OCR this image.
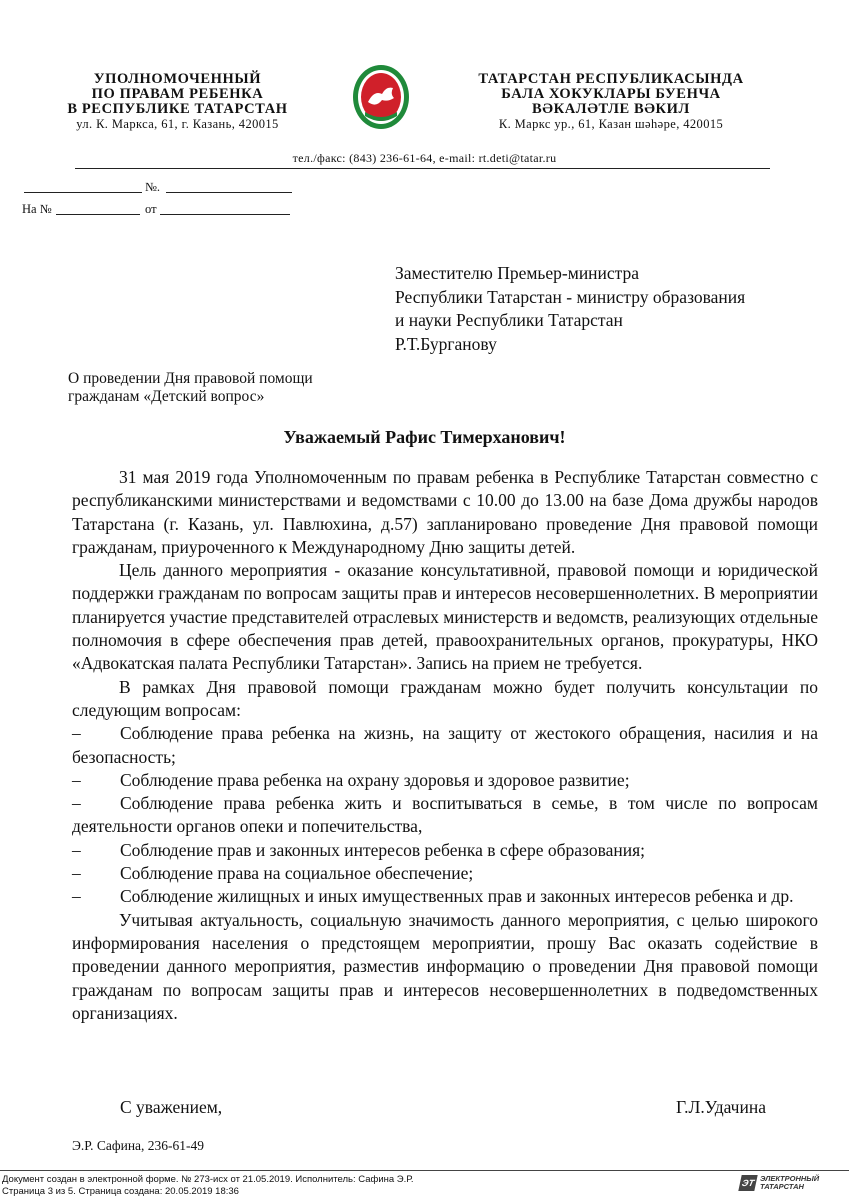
УПОЛНОМОЧЕННЫЙ
ПО ПРАВАМ РЕБЕНКА
В РЕСПУБЛИКЕ ТАТАРСТАН
ул. К. Маркса, 61, г. Казань, 420015
ТАТАРСТАН РЕСПУБЛИКАСЫНДА
БАЛА ХОКУКЛАРЫ БУЕНЧА
ВӘКАЛӘТЛЕ ВӘКИЛ
К. Маркс ур., 61, Казан шәһәре, 420015
тел./факс: (843) 236-61-64, e-mail: rt.deti@tatar.ru
№.
На №	от
Заместителю Премьер-министра
Республики Татарстан - министру образования
и науки Республики Татарстан
Р.Т.Бурганову
О проведении Дня правовой помощи
гражданам «Детский вопрос»
Уважаемый Рафис Тимерханович!

31 мая 2019 года Уполномоченным по правам ребенка в Республике Татарстан совместно с республиканскими министерствами и ведомствами с 10.00 до 13.00 на базе Дома дружбы народов Татарстана (г. Казань, ул. Павлюхина, д.57) запланировано проведение Дня правовой помощи гражданам, приуроченного к Международному Дню защиты детей.

Цель данного мероприятия - оказание консультативной, правовой помощи и юридической поддержки гражданам по вопросам защиты прав и интересов несовершеннолетних. В мероприятии планируется участие представителей отраслевых министерств и ведомств, реализующих отдельные полномочия в сфере обеспечения прав детей, правоохранительных органов, прокуратуры, НКО «Адвокатская палата Республики Татарстан». Запись на прием не требуется.

В рамках Дня правовой помощи гражданам можно будет получить консультации по следующим вопросам:

– Соблюдение права ребенка на жизнь, на защиту от жестокого обращения, насилия и на безопасность;

– Соблюдение права ребенка на охрану здоровья и здоровое развитие;

– Соблюдение права ребенка жить и воспитываться в семье, в том числе по вопросам деятельности органов опеки и попечительства,

– Соблюдение прав и законных интересов ребенка в сфере образования;

– Соблюдение права на социальное обеспечение;

– Соблюдение жилищных и иных имущественных прав и законных интересов ребенка и др.

Учитывая актуальность, социальную значимость данного мероприятия, с целью широкого информирования населения о предстоящем мероприятии, прошу Вас оказать содействие в проведении данного мероприятия, разместив информацию о проведении Дня правовой помощи гражданам по вопросам защиты прав и интересов несовершеннолетних в подведомственных организациях.

С уважением,	Г.Л.Удачина
Э.Р. Сафина, 236-61-49
Документ создан в электронной форме. № 273-исх от 21.05.2019. Исполнитель: Сафина Э.Р.
Страница 3 из 5. Страница создана: 20.05.2019 18:36
ЭТ ЭЛЕКТРОННЫЙ
ТАТАРСТАН
